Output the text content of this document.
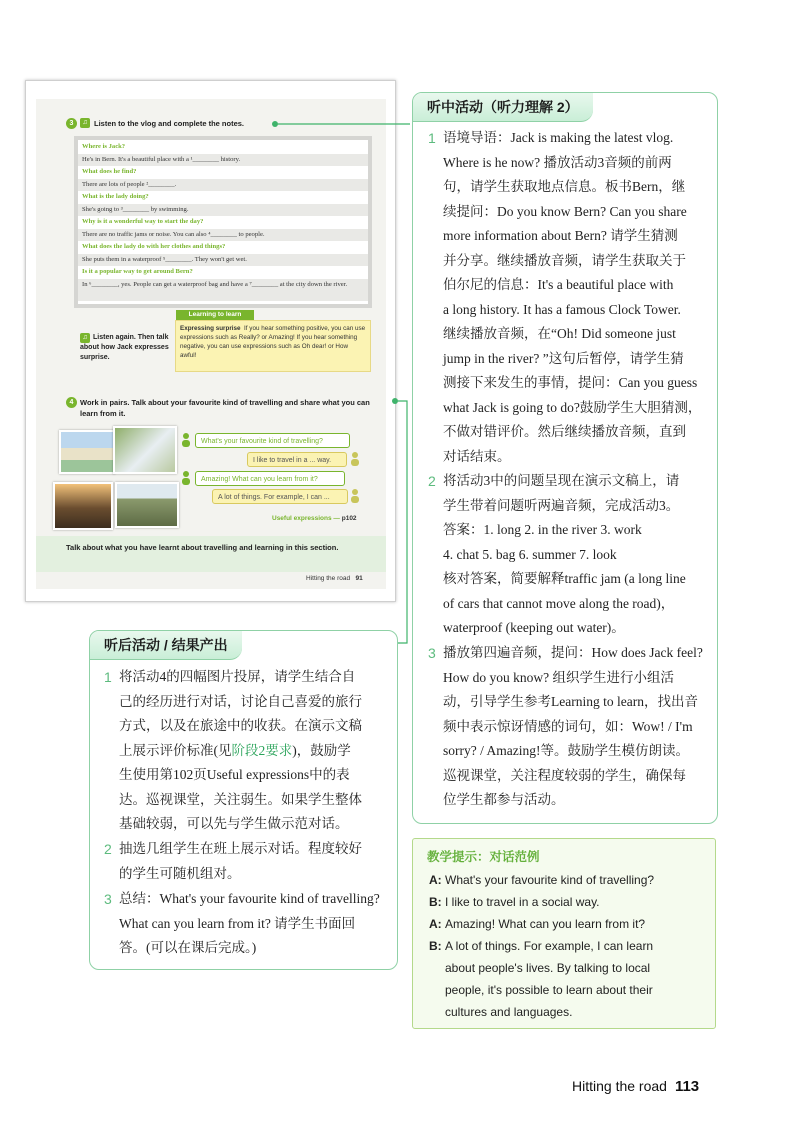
3	♫ Listen to the vlog and complete the notes.
♫ Listen again. Then talk about how Jack expresses surprise.
4 Work in pairs. Talk about your favourite kind of travelling and share what you can learn from it.
Useful expressions — p102
Talk about what you have learnt about travelling and learning in this section.
Hitting the road 91
Where is Jack?
He's in Bern. It's a beautiful place with a ¹________ history.
What does he find?
There are lots of people ²________.
What is the lady doing?
She's going to ³________ by swimming.
Why is it a wonderful way to start the day?
There are no traffic jams or noise. You can also ⁴________ to people.
What does the lady do with her clothes and things?
She puts them in a waterproof ⁵________. They won't get wet.
Is it a popular way to get around Bern?
In ⁶________, yes. People can get a waterproof bag and have a ⁷________ at the city down the river.
Learning to learn
Expressing surprise If you hear something positive, you can use expressions such as Really? or Amazing! If you hear something negative, you can use expressions such as Oh dear! or How awful!
What's your favourite kind of travelling?
I like to travel in a ... way.
Amazing! What can you learn from it?
A lot of things. For example, I can ...
听中活动（听力理解 2）
1 语境导语：Jack is making the latest vlog.
Where is he now? 播放活动3音频的前两
句，请学生获取地点信息。板书Bern，继
续提问：Do you know Bern? Can you share
more information about Bern? 请学生猜测
并分享。继续播放音频，请学生获取关于
伯尔尼的信息：It's a beautiful place with
a long history. It has a famous Clock Tower.
继续播放音频，在“Oh! Did someone just
jump in the river? ”这句后暂停，请学生猜
测接下来发生的事情，提问：Can you guess
what Jack is going to do?鼓励学生大胆猜测，
不做对错评价。然后继续播放音频，直到
对话结束。
2 将活动3中的问题呈现在演示文稿上，请
学生带着问题听两遍音频，完成活动3。
答案：1. long 2. in the river 3. work
4. chat 5. bag 6. summer 7. look
核对答案，简要解释traffic jam (a long line
of cars that cannot move along the road)，
waterproof (keeping out water)。
3 播放第四遍音频，提问：How does Jack feel?
How do you know? 组织学生进行小组活
动，引导学生参考Learning to learn，找出音
频中表示惊讶情感的词句，如：Wow! / I'm
sorry? / Amazing!等。鼓励学生模仿朗读。
巡视课堂，关注程度较弱的学生，确保每
位学生都参与活动。
听后活动 / 结果产出
1 将活动4的四幅图片投屏，请学生结合自
己的经历进行对话，讨论自己喜爱的旅行
方式，以及在旅途中的收获。在演示文稿
上展示评价标准(见阶段2要求)，鼓励学
生使用第102页Useful expressions中的表
达。巡视课堂，关注弱生。如果学生整体
基础较弱，可以先与学生做示范对话。
2 抽选几组学生在班上展示对话。程度较好
的学生可随机组对。
3 总结：What's your favourite kind of travelling?
What can you learn from it? 请学生书面回
答。(可以在课后完成。)
教学提示：对话范例
A: What's your favourite kind of travelling?
B: I like to travel in a social way.
A: Amazing! What can you learn from it?
B: A lot of things. For example, I can learn
about people's lives. By talking to local
people, it's possible to learn about their
cultures and languages.
Hitting the road 113
